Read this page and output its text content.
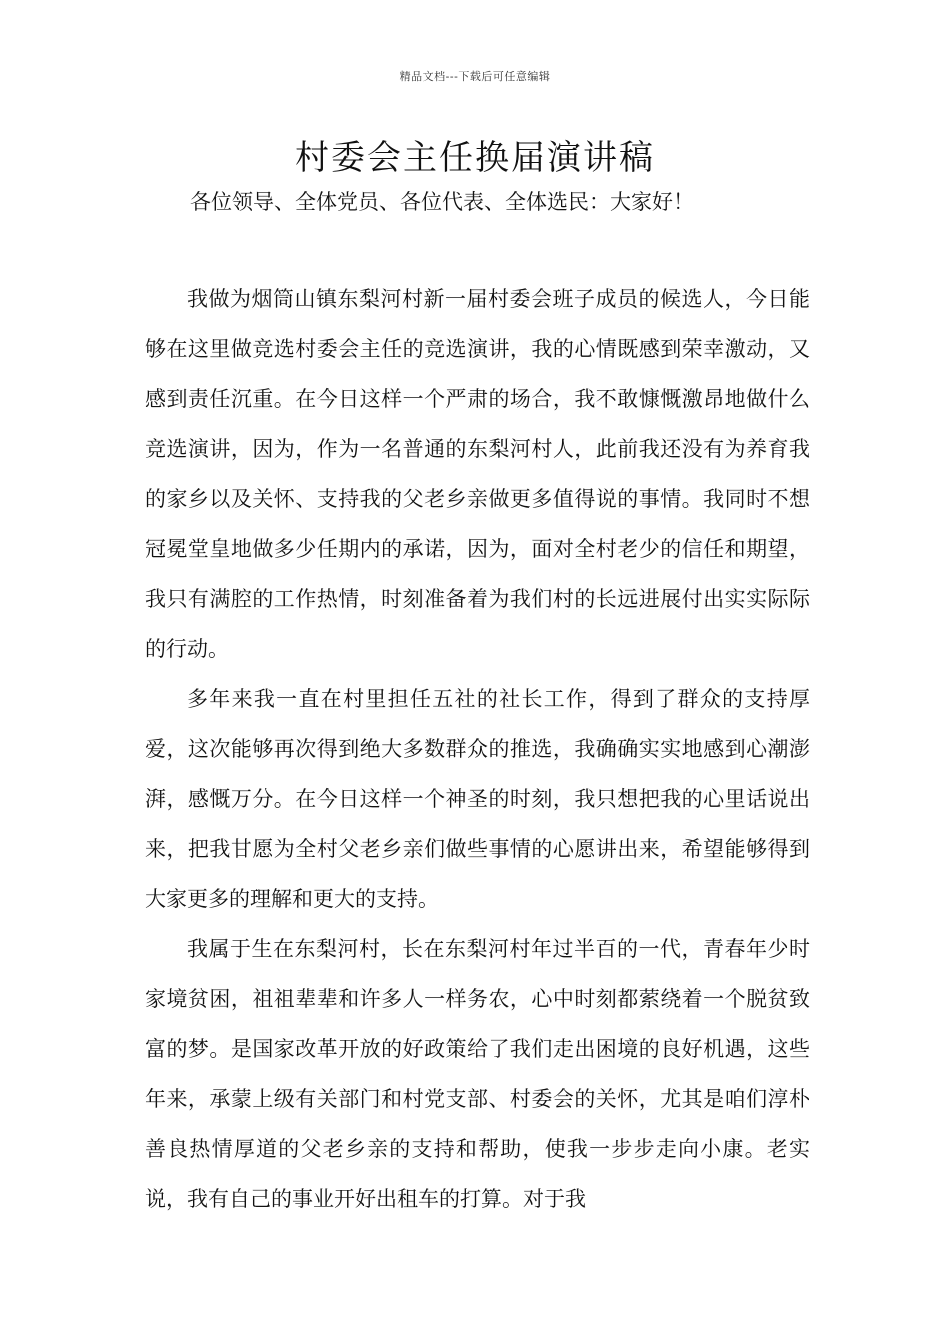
精品文档---下载后可任意编辑
村委会主任换届演讲稿
各位领导、全体党员、各位代表、全体选民：大家好！

我做为烟筒山镇东梨河村新一届村委会班子成员的候选人，今日能够在这里做竞选村委会主任的竞选演讲，我的心情既感到荣幸激动，又感到责任沉重。在今日这样一个严肃的场合，我不敢慷慨激昂地做什么竞选演讲，因为，作为一名普通的东梨河村人，此前我还没有为养育我的家乡以及关怀、支持我的父老乡亲做更多值得说的事情。我同时不想冠冕堂皇地做多少任期内的承诺，因为，面对全村老少的信任和期望，我只有满腔的工作热情，时刻准备着为我们村的长远进展付出实实际际的行动。

多年来我一直在村里担任五社的社长工作，得到了群众的支持厚爱，这次能够再次得到绝大多数群众的推选，我确确实实地感到心潮澎湃，感慨万分。在今日这样一个神圣的时刻，我只想把我的心里话说出来，把我甘愿为全村父老乡亲们做些事情的心愿讲出来，希望能够得到大家更多的理解和更大的支持。

我属于生在东梨河村，长在东梨河村年过半百的一代，青春年少时家境贫困，祖祖辈辈和许多人一样务农，心中时刻都萦绕着一个脱贫致富的梦。是国家改革开放的好政策给了我们走出困境的良好机遇，这些年来，承蒙上级有关部门和村党支部、村委会的关怀，尤其是咱们淳朴善良热情厚道的父老乡亲的支持和帮助，使我一步步走向小康。老实说，我有自己的事业开好出租车的打算。对于我
